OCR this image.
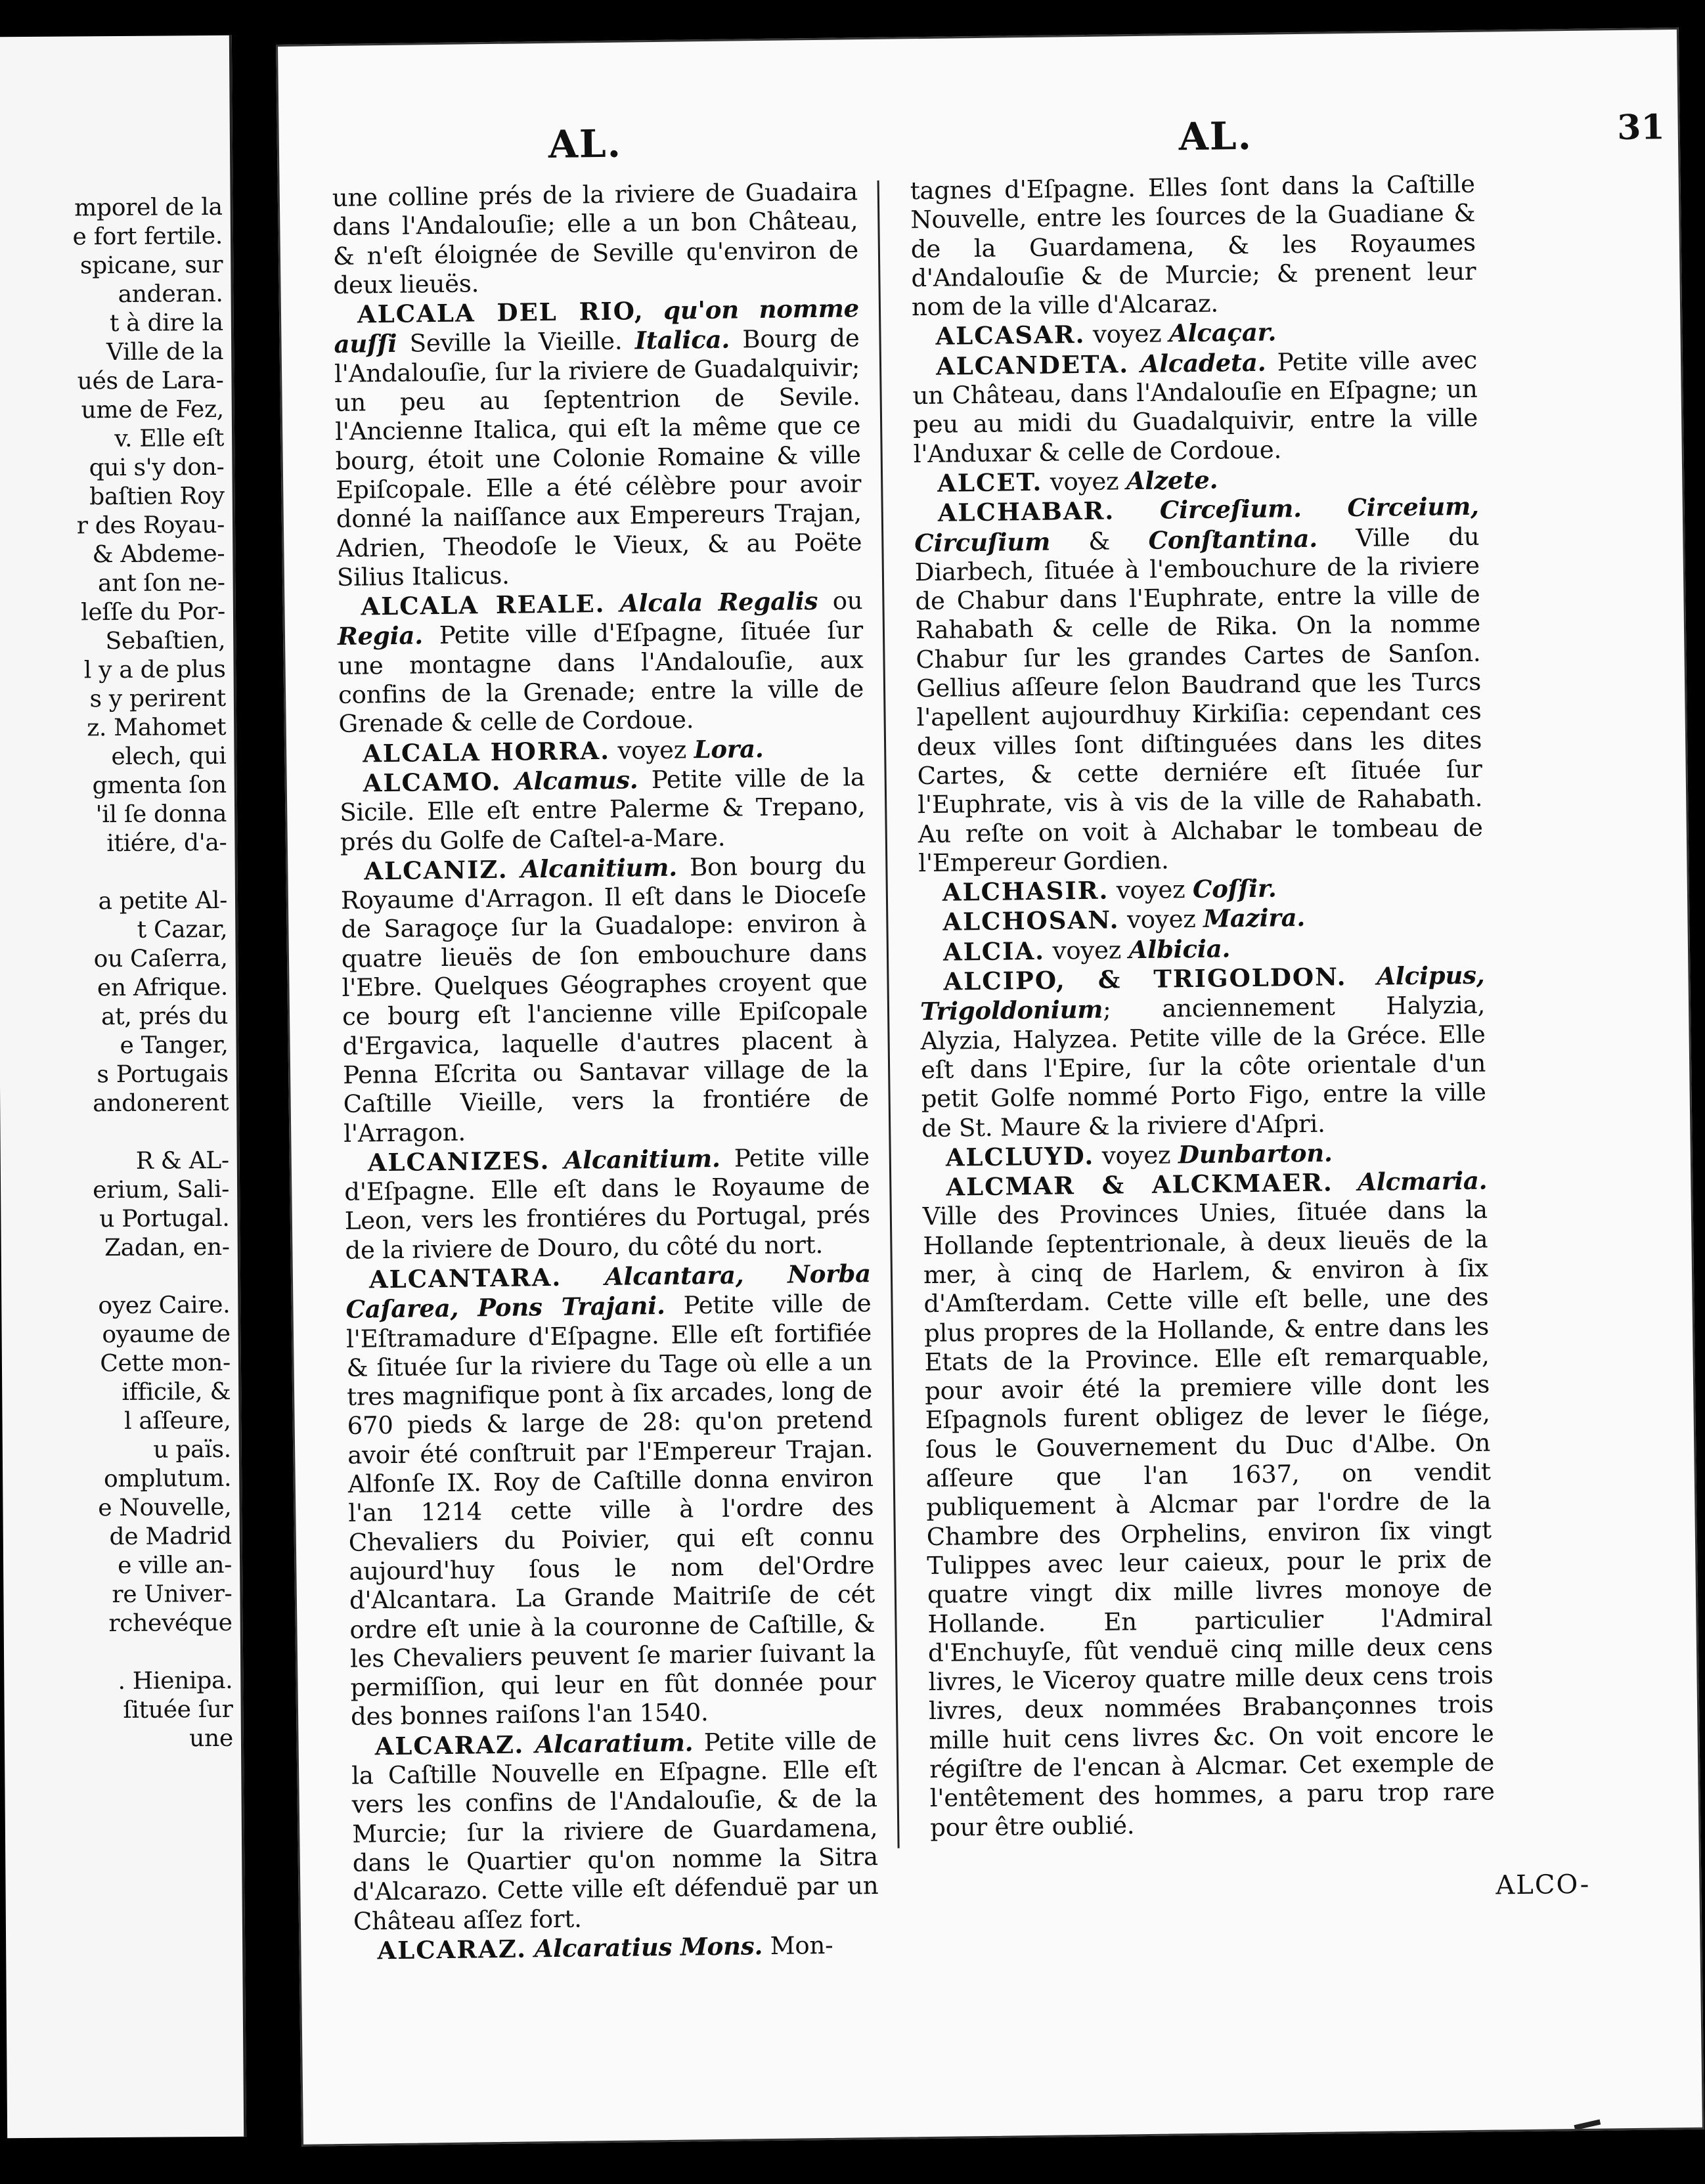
mporel de la
e fort fertile.
spicane, sur
anderan.
t à dire la
Ville de la
ués de Lara-
ume de Fez,
v. Elle eſt
qui s'y don-
baſtien Roy
r des Royau-
& Abdeme-
ant ſon ne-
leſſe du Por-
Sebaſtien,
l y a de plus
s y perirent
z. Mahomet
elech, qui
gmenta ſon
'il ſe donna
itiére, d'a-
a petite Al-
t Cazar,
ou Caſerra,
en Afrique.
at, prés du
e Tanger,
s Portugais
andonerent
R & AL-
erium, Sali-
u Portugal.
Zadan, en-
oyez Caire.
oyaume de
Cette mon-
ifficile, &
l aſſeure,
u païs.
omplutum.
e Nouvelle,
de Madrid
e ville an-
re Univer-
rchevéque
. Hienipa.
ſituée ſur
une
AL.	AL.	31

une colline prés de la riviere de Guadaira dans l'Andalouſie; elle a un bon Château, & n'eſt éloignée de Seville qu'environ de deux lieuës.

ALCALA DEL RIO, qu'on nomme auſſi Seville la Vieille. Italica. Bourg de l'Andalouſie, ſur la riviere de Guadalquivir; un peu au ſeptentrion de Sevile. l'Ancienne Italica, qui eſt la même que ce bourg, étoit une Colonie Romaine & ville Epiſcopale. Elle a été célèbre pour avoir donné la naiſſance aux Empereurs Trajan, Adrien, Theodoſe le Vieux, & au Poëte Silius Italicus.

ALCALA REALE. Alcala Regalis ou Regia. Petite ville d'Eſpagne, ſituée ſur une montagne dans l'Andalouſie, aux confins de la Grenade; entre la ville de Grenade & celle de Cordoue.

ALCALA HORRA. voyez Lora.

ALCAMO. Alcamus. Petite ville de la Sicile. Elle eſt entre Palerme & Trepano, prés du Golfe de Caſtel-a-Mare.

ALCANIZ. Alcanitium. Bon bourg du Royaume d'Arragon. Il eſt dans le Dioceſe de Saragoçe ſur la Guadalope: environ à quatre lieuës de ſon embouchure dans l'Ebre. Quelques Géographes croyent que ce bourg eſt l'ancienne ville Epiſcopale d'Ergavica, laquelle d'autres placent à Penna Eſcrita ou Santavar village de la Caſtille Vieille, vers la frontiére de l'Arragon.

ALCANIZES. Alcanitium. Petite ville d'Eſpagne. Elle eſt dans le Royaume de Leon, vers les frontiéres du Portugal, prés de la riviere de Douro, du côté du nort.

ALCANTARA. Alcantara, Norba Caſarea, Pons Trajani. Petite ville de l'Eſtramadure d'Eſpagne. Elle eſt fortifiée & ſituée ſur la riviere du Tage où elle a un tres magnifique pont à ſix arcades, long de 670 pieds & large de 28: qu'on pretend avoir été conſtruit par l'Empereur Trajan. Alfonſe IX. Roy de Caſtille donna environ l'an 1214 cette ville à l'ordre des Chevaliers du Poivier, qui eſt connu aujourd'huy ſous le nom del'Ordre d'Alcantara. La Grande Maitriſe de cét ordre eſt unie à la couronne de Caſtille, & les Chevaliers peuvent ſe marier ſuivant la permiſſion, qui leur en fût donnée pour des bonnes raiſons l'an 1540.

ALCARAZ. Alcaratium. Petite ville de la Caſtille Nouvelle en Eſpagne. Elle eſt vers les confins de l'Andalouſie, & de la Murcie; ſur la riviere de Guardamena, dans le Quartier qu'on nomme la Sitra d'Alcarazo. Cette ville eſt défenduë par un Château aſſez fort.

ALCARAZ. Alcaratius Mons. Mon-

tagnes d'Eſpagne. Elles ſont dans la Caſtille Nouvelle, entre les ſources de la Guadiane & de la Guardamena, & les Royaumes d'Andalouſie & de Murcie; & prenent leur nom de la ville d'Alcaraz.

ALCASAR. voyez Alcaçar.

ALCANDETA. Alcadeta. Petite ville avec un Château, dans l'Andalouſie en Eſpagne; un peu au midi du Guadalquivir, entre la ville l'Anduxar & celle de Cordoue.

ALCET. voyez Alzete.

ALCHABAR. Circeſium. Circeium, Circuſium & Conſtantina. Ville du Diarbech, ſituée à l'embouchure de la riviere de Chabur dans l'Euphrate, entre la ville de Rahabath & celle de Rika. On la nomme Chabur ſur les grandes Cartes de Sanſon. Gellius aſſeure ſelon Baudrand que les Turcs l'apellent aujourdhuy Kirkiſia: cependant ces deux villes ſont diſtinguées dans les dites Cartes, & cette derniére eſt ſituée ſur l'Euphrate, vis à vis de la ville de Rahabath. Au reſte on voit à Alchabar le tombeau de l'Empereur Gordien.

ALCHASIR. voyez Coſſir.

ALCHOSAN. voyez Mazira.

ALCIA. voyez Albicia.

ALCIPO, & TRIGOLDON. Alcipus, Trigoldonium; anciennement Halyzia, Alyzia, Halyzea. Petite ville de la Gréce. Elle eſt dans l'Epire, ſur la côte orientale d'un petit Golfe nommé Porto Figo, entre la ville de St. Maure & la riviere d'Aſpri.

ALCLUYD. voyez Dunbarton.

ALCMAR & ALCKMAER. Alcmaria. Ville des Provinces Unies, ſituée dans la Hollande ſeptentrionale, à deux lieuës de la mer, à cinq de Harlem, & environ à ſix d'Amſterdam. Cette ville eſt belle, une des plus propres de la Hollande, & entre dans les Etats de la Province. Elle eſt remarquable, pour avoir été la premiere ville dont les Eſpagnols furent obligez de lever le ſiége, ſous le Gouvernement du Duc d'Albe. On aſſeure que l'an 1637, on vendit publiquement à Alcmar par l'ordre de la Chambre des Orphelins, environ ſix vingt Tulippes avec leur caieux, pour le prix de quatre vingt dix mille livres monoye de Hollande. En particulier l'Admiral d'Enchuyſe, fût venduë cinq mille deux cens livres, le Viceroy quatre mille deux cens trois livres, deux nommées Brabançonnes trois mille huit cens livres &c. On voit encore le régiſtre de l'encan à Alcmar. Cet exemple de l'entêtement des hommes, a paru trop rare pour être oublié.

ALCO-
